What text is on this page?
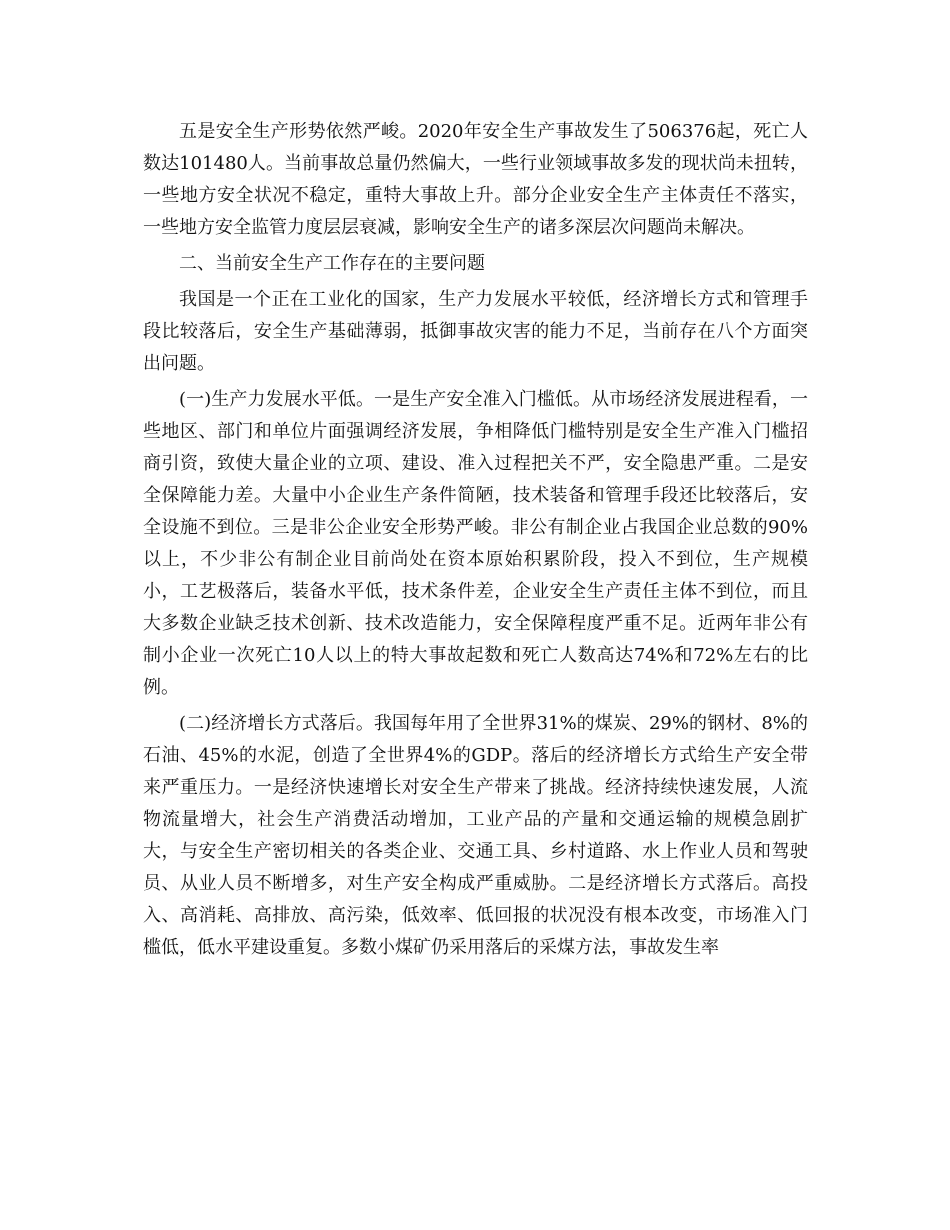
五是安全生产形势依然严峻。2020年安全生产事故发生了506376起，死亡人数达101480人。当前事故总量仍然偏大，一些行业领域事故多发的现状尚未扭转，一些地方安全状况不稳定，重特大事故上升。部分企业安全生产主体责任不落实，一些地方安全监管力度层层衰减，影响安全生产的诸多深层次问题尚未解决。

二、当前安全生产工作存在的主要问题

我国是一个正在工业化的国家，生产力发展水平较低，经济增长方式和管理手段比较落后，安全生产基础薄弱，抵御事故灾害的能力不足，当前存在八个方面突出问题。

(一)生产力发展水平低。一是生产安全准入门槛低。从市场经济发展进程看，一些地区、部门和单位片面强调经济发展，争相降低门槛特别是安全生产准入门槛招商引资，致使大量企业的立项、建设、准入过程把关不严，安全隐患严重。二是安全保障能力差。大量中小企业生产条件简陋，技术装备和管理手段还比较落后，安全设施不到位。三是非公企业安全形势严峻。非公有制企业占我国企业总数的90%以上，不少非公有制企业目前尚处在资本原始积累阶段，投入不到位，生产规模小，工艺极落后，装备水平低，技术条件差，企业安全生产责任主体不到位，而且大多数企业缺乏技术创新、技术改造能力，安全保障程度严重不足。近两年非公有制小企业一次死亡10人以上的特大事故起数和死亡人数高达74%和72%左右的比例。

(二)经济增长方式落后。我国每年用了全世界31%的煤炭、29%的钢材、8%的石油、45%的水泥，创造了全世界4%的GDP。落后的经济增长方式给生产安全带来严重压力。一是经济快速增长对安全生产带来了挑战。经济持续快速发展，人流物流量增大，社会生产消费活动增加，工业产品的产量和交通运输的规模急剧扩大，与安全生产密切相关的各类企业、交通工具、乡村道路、水上作业人员和驾驶员、从业人员不断增多，对生产安全构成严重威胁。二是经济增长方式落后。高投入、高消耗、高排放、高污染，低效率、低回报的状况没有根本改变，市场准入门槛低，低水平建设重复。多数小煤矿仍采用落后的采煤方法，事故发生率
